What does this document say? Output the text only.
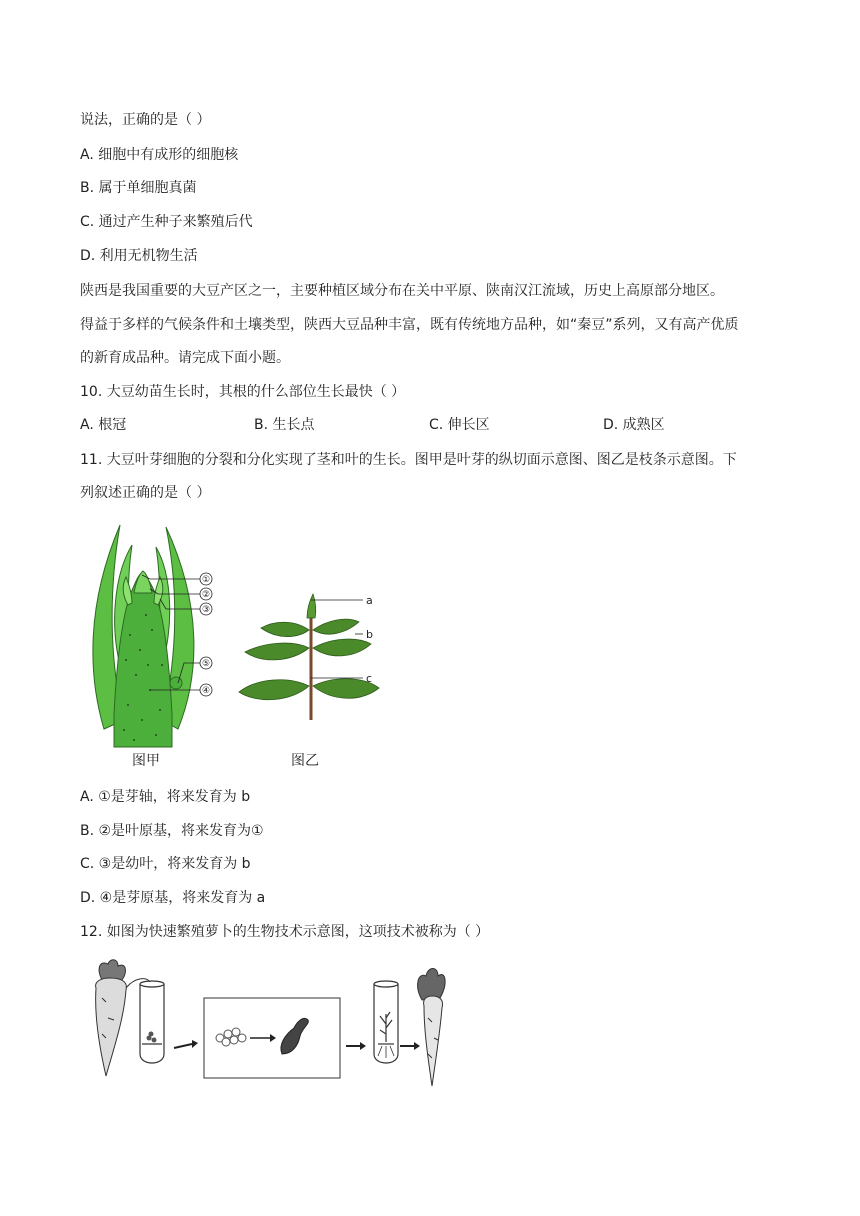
说法，正确的是（ ）
A. 细胞中有成形的细胞核
B. 属于单细胞真菌
C. 通过产生种子来繁殖后代
D. 利用无机物生活
陕西是我国重要的大豆产区之一，主要种植区域分布在关中平原、陕南汉江流域，历史上高原部分地区。
得益于多样的气候条件和土壤类型，陕西大豆品种丰富，既有传统地方品种，如“秦豆”系列，又有高产优质
的新育成品种。请完成下面小题。
10. 大豆幼苗生长时，其根的什么部位生长最快（ ）
A. 根冠	B. 生长点	C. 伸长区	D. 成熟区
11. 大豆叶芽细胞的分裂和分化实现了茎和叶的生长。图甲是叶芽的纵切面示意图、图乙是枝条示意图。下
列叙述正确的是（ ）
①
②
③
⑤
④
图甲
a
b
c
图乙
A. ①是芽轴，将来发育为 b
B. ②是叶原基，将来发育为①
C. ③是幼叶，将来发育为 b
D. ④是芽原基，将来发育为 a
12. 如图为快速繁殖萝卜的生物技术示意图，这项技术被称为（ ）
